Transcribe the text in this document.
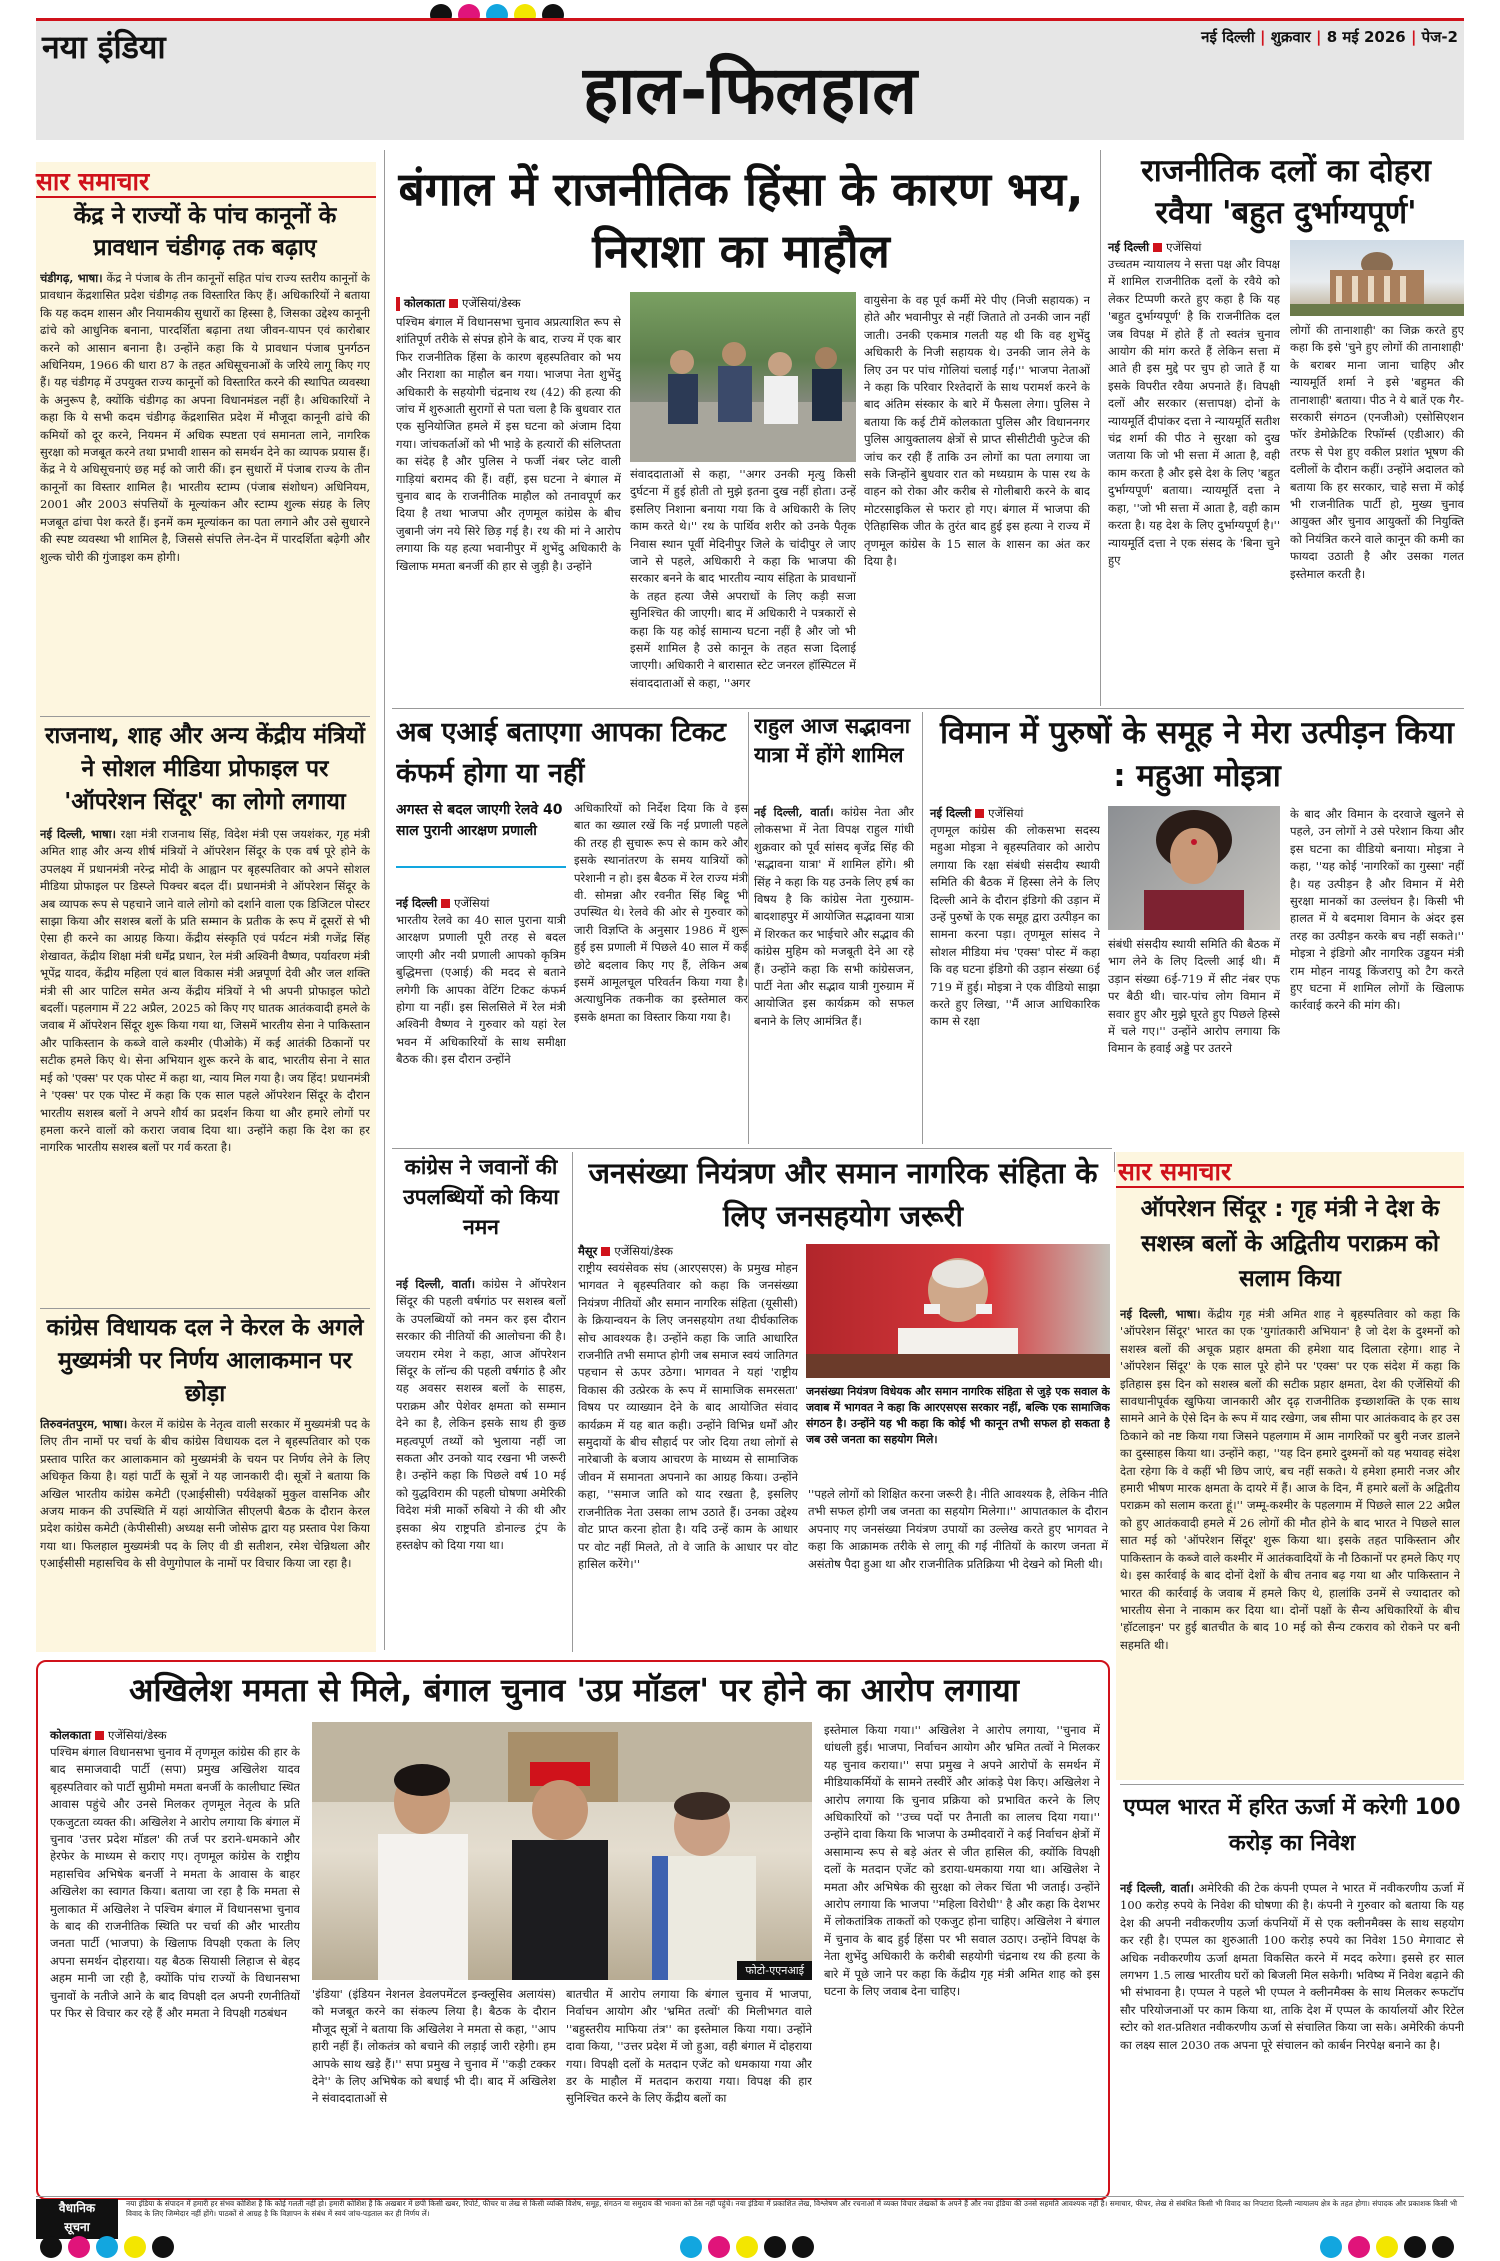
नया इंडिया
हाल-फिलहाल
नई दिल्ली | शुक्रवार | 8 मई 2026 | पेज-2
सार समाचार
केंद्र ने राज्यों के पांच कानूनों के प्रावधान चंडीगढ़ तक बढ़ाए
चंडीगढ़, भाषा। केंद्र ने पंजाब के तीन कानूनों सहित पांच राज्य स्तरीय कानूनों के प्रावधान केंद्रशासित प्रदेश चंडीगढ़ तक विस्तारित किए हैं। अधिकारियों ने बताया कि यह कदम शासन और नियामकीय सुधारों का हिस्सा है, जिसका उद्देश्य कानूनी ढांचे को आधुनिक बनाना, पारदर्शिता बढ़ाना तथा जीवन-यापन एवं कारोबार करने को आसान बनाना है। उन्होंने कहा कि ये प्रावधान पंजाब पुनर्गठन अधिनियम, 1966 की धारा 87 के तहत अधिसूचनाओं के जरिये लागू किए गए हैं। यह चंडीगढ़ में उपयुक्त राज्य कानूनों को विस्तारित करने की स्थापित व्यवस्था के अनुरूप है, क्योंकि चंडीगढ़ का अपना विधानमंडल नहीं है। अधिकारियों ने कहा कि ये सभी कदम चंडीगढ़ केंद्रशासित प्रदेश में मौजूदा कानूनी ढांचे की कमियों को दूर करने, नियमन में अधिक स्पष्टता एवं समानता लाने, नागरिक सुरक्षा को मजबूत करने तथा प्रभावी शासन को समर्थन देने का व्यापक प्रयास हैं। केंद्र ने ये अधिसूचनाएं छह मई को जारी कीं। इन सुधारों में पंजाब राज्य के तीन कानूनों का विस्तार शामिल है। भारतीय स्टाम्प (पंजाब संशोधन) अधिनियम, 2001 और 2003 संपत्तियों के मूल्यांकन और स्टाम्प शुल्क संग्रह के लिए मजबूत ढांचा पेश करते हैं। इनमें कम मूल्यांकन का पता लगाने और उसे सुधारने की स्पष्ट व्यवस्था भी शामिल है, जिससे संपत्ति लेन-देन में पारदर्शिता बढ़ेगी और शुल्क चोरी की गुंजाइश कम होगी।
राजनाथ, शाह और अन्य केंद्रीय मंत्रियों ने सोशल मीडिया प्रोफाइल पर 'ऑपरेशन सिंदूर' का लोगो लगाया
नई दिल्ली, भाषा। रक्षा मंत्री राजनाथ सिंह, विदेश मंत्री एस जयशंकर, गृह मंत्री अमित शाह और अन्य शीर्ष मंत्रियों ने ऑपरेशन सिंदूर के एक वर्ष पूरे होने के उपलक्ष्य में प्रधानमंत्री नरेन्द्र मोदी के आह्वान पर बृहस्पतिवार को अपने सोशल मीडिया प्रोफाइल पर डिस्प्ले पिक्चर बदल दीं। प्रधानमंत्री ने ऑपरेशन सिंदूर के अब व्यापक रूप से पहचाने जाने वाले लोगो को दर्शाने वाला एक डिजिटल पोस्टर साझा किया और सशस्त्र बलों के प्रति सम्मान के प्रतीक के रूप में दूसरों से भी ऐसा ही करने का आग्रह किया। केंद्रीय संस्कृति एवं पर्यटन मंत्री गजेंद्र सिंह शेखावत, केंद्रीय शिक्षा मंत्री धर्मेंद्र प्रधान, रेल मंत्री अश्विनी वैष्णव, पर्यावरण मंत्री भूपेंद्र यादव, केंद्रीय महिला एवं बाल विकास मंत्री अन्नपूर्णा देवी और जल शक्ति मंत्री सी आर पाटिल समेत अन्य केंद्रीय मंत्रियों ने भी अपनी प्रोफाइल फोटो बदलीं। पहलगाम में 22 अप्रैल, 2025 को किए गए घातक आतंकवादी हमले के जवाब में ऑपरेशन सिंदूर शुरू किया गया था, जिसमें भारतीय सेना ने पाकिस्तान और पाकिस्तान के कब्जे वाले कश्मीर (पीओके) में कई आतंकी ठिकानों पर सटीक हमले किए थे। सेना अभियान शुरू करने के बाद, भारतीय सेना ने सात मई को 'एक्स' पर एक पोस्ट में कहा था, न्याय मिल गया है। जय हिंद! प्रधानमंत्री ने 'एक्स' पर एक पोस्ट में कहा कि एक साल पहले ऑपरेशन सिंदूर के दौरान भारतीय सशस्त्र बलों ने अपने शौर्य का प्रदर्शन किया था और हमारे लोगों पर हमला करने वालों को करारा जवाब दिया था। उन्होंने कहा कि देश का हर नागरिक भारतीय सशस्त्र बलों पर गर्व करता है।
कांग्रेस विधायक दल ने केरल के अगले मुख्यमंत्री पर निर्णय आलाकमान पर छोड़ा
तिरुवनंतपुरम, भाषा। केरल में कांग्रेस के नेतृत्व वाली सरकार में मुख्यमंत्री पद के लिए तीन नामों पर चर्चा के बीच कांग्रेस विधायक दल ने बृहस्पतिवार को एक प्रस्ताव पारित कर आलाकमान को मुख्यमंत्री के चयन पर निर्णय लेने के लिए अधिकृत किया है। यहां पार्टी के सूत्रों ने यह जानकारी दी। सूत्रों ने बताया कि अखिल भारतीय कांग्रेस कमेटी (एआईसीसी) पर्यवेक्षकों मुकुल वासनिक और अजय माकन की उपस्थिति में यहां आयोजित सीएलपी बैठक के दौरान केरल प्रदेश कांग्रेस कमेटी (केपीसीसी) अध्यक्ष सनी जोसेफ द्वारा यह प्रस्ताव पेश किया गया था। फिलहाल मुख्यमंत्री पद के लिए वी डी सतीशन, रमेश चेन्निथला और एआईसीसी महासचिव के सी वेणुगोपाल के नामों पर विचार किया जा रहा है।
बंगाल में राजनीतिक हिंसा के कारण भय, निराशा का माहौल
कोलकाता एजेंसियां/डेस्क
पश्चिम बंगाल में विधानसभा चुनाव अप्रत्याशित रूप से शांतिपूर्ण तरीके से संपन्न होने के बाद, राज्य में एक बार फिर राजनीतिक हिंसा के कारण बृहस्पतिवार को भय और निराशा का माहौल बन गया। भाजपा नेता शुभेंदु अधिकारी के सहयोगी चंद्रनाथ रथ (42) की हत्या की जांच में शुरुआती सुरागों से पता चला है कि बुधवार रात एक सुनियोजित हमले में इस घटना को अंजाम दिया गया। जांचकर्ताओं को भी भाड़े के हत्यारों की संलिप्तता का संदेह है और पुलिस ने फर्जी नंबर प्लेट वाली गाड़ियां बरामद की हैं। वहीं, इस घटना ने बंगाल में चुनाव बाद के राजनीतिक माहौल को तनावपूर्ण कर दिया है तथा भाजपा और तृणमूल कांग्रेस के बीच जुबानी जंग नये सिरे छिड़ गई है। रथ की मां ने आरोप लगाया कि यह हत्या भवानीपुर में शुभेंदु अधिकारी के खिलाफ ममता बनर्जी की हार से जुड़ी है। उन्होंने
संवाददाताओं से कहा, ''अगर उनकी मृत्यु किसी दुर्घटना में हुई होती तो मुझे इतना दुख नहीं होता। उन्हें इसलिए निशाना बनाया गया कि वे अधिकारी के लिए काम करते थे।'' रथ के पार्थिव शरीर को उनके पैतृक निवास स्थान पूर्वी मेदिनीपुर जिले के चांदीपुर ले जाए जाने से पहले, अधिकारी ने कहा कि भाजपा की सरकार बनने के बाद भारतीय न्याय संहिता के प्रावधानों के तहत हत्या जैसे अपराधों के लिए कड़ी सजा सुनिश्चित की जाएगी। बाद में अधिकारी ने पत्रकारों से कहा कि यह कोई सामान्य घटना नहीं है और जो भी इसमें शामिल है उसे कानून के तहत सजा दिलाई जाएगी। अधिकारी ने बारासात स्टेट जनरल हॉस्पिटल में संवाददाताओं से कहा, ''अगर
वायुसेना के वह पूर्व कर्मी मेरे पीए (निजी सहायक) न होते और भवानीपुर से नहीं जिताते तो उनकी जान नहीं जाती। उनकी एकमात्र गलती यह थी कि वह शुभेंदु अधिकारी के निजी सहायक थे। उनकी जान लेने के लिए उन पर पांच गोलियां चलाई गईं।'' भाजपा नेताओं ने कहा कि परिवार रिश्तेदारों के साथ परामर्श करने के बाद अंतिम संस्कार के बारे में फैसला लेगा। पुलिस ने बताया कि कई टीमें कोलकाता पुलिस और विधाननगर पुलिस आयुक्तालय क्षेत्रों से प्राप्त सीसीटीवी फुटेज की जांच कर रही हैं ताकि उन लोगों का पता लगाया जा सके जिन्होंने बुधवार रात को मध्यग्राम के पास रथ के वाहन को रोका और करीब से गोलीबारी करने के बाद मोटरसाइकिल से फरार हो गए। बंगाल में भाजपा की ऐतिहासिक जीत के तुरंत बाद हुई इस हत्या ने राज्य में तृणमूल कांग्रेस के 15 साल के शासन का अंत कर दिया है।
राजनीतिक दलों का दोहरा रवैया 'बहुत दुर्भाग्यपूर्ण'
नई दिल्ली एजेंसियां
उच्चतम न्यायालय ने सत्ता पक्ष और विपक्ष में शामिल राजनीतिक दलों के रवैये को लेकर टिप्पणी करते हुए कहा है कि यह 'बहुत दुर्भाग्यपूर्ण' है कि राजनीतिक दल जब विपक्ष में होते हैं तो स्वतंत्र चुनाव आयोग की मांग करते हैं लेकिन सत्ता में आते ही इस मुद्दे पर चुप हो जाते हैं या इसके विपरीत रवैया अपनाते हैं। विपक्षी दलों और सरकार (सत्तापक्ष) दोनों के न्यायमूर्ति दीपांकर दत्ता ने न्यायमूर्ति सतीश चंद्र शर्मा की पीठ ने सुरक्षा को दुख जताया कि जो भी सत्ता में आता है, वही काम करता है और इसे देश के लिए 'बहुत दुर्भाग्यपूर्ण' बताया। न्यायमूर्ति दत्ता ने कहा, ''जो भी सत्ता में आता है, वही काम करता है। यह देश के लिए दुर्भाग्यपूर्ण है।'' न्यायमूर्ति दत्ता ने एक संसद के 'बिना चुने हुए
लोगों की तानाशाही' का जिक्र करते हुए कहा कि इसे 'चुने हुए लोगों की तानाशाही' के बराबर माना जाना चाहिए और न्यायमूर्ति शर्मा ने इसे 'बहुमत की तानाशाही' बताया। पीठ ने ये बातें एक गैर-सरकारी संगठन (एनजीओ) एसोसिएशन फॉर डेमोक्रेटिक रिफॉर्म्स (एडीआर) की तरफ से पेश हुए वकील प्रशांत भूषण की दलीलों के दौरान कहीं। उन्होंने अदालत को बताया कि हर सरकार, चाहे सत्ता में कोई भी राजनीतिक पार्टी हो, मुख्य चुनाव आयुक्त और चुनाव आयुक्तों की नियुक्ति को नियंत्रित करने वाले कानून की कमी का फायदा उठाती है और उसका गलत इस्तेमाल करती है।
अब एआई बताएगा आपका टिकट कंफर्म होगा या नहीं
अगस्त से बदल जाएगी रेलवे 40 साल पुरानी आरक्षण प्रणाली
नई दिल्ली एजेंसियां
भारतीय रेलवे का 40 साल पुराना यात्री आरक्षण प्रणाली पूरी तरह से बदल जाएगी और नयी प्रणाली आपको कृत्रिम बुद्धिमत्ता (एआई) की मदद से बताने लगेगी कि आपका वेटिंग टिकट कंफर्म होगा या नहीं। इस सिलसिले में रेल मंत्री अश्विनी वैष्णव ने गुरुवार को यहां रेल भवन में अधिकारियों के साथ समीक्षा बैठक की। इस दौरान उन्होंने
अधिकारियों को निर्देश दिया कि वे इस बात का ख्याल रखें कि नई प्रणाली पहले की तरह ही सुचारू रूप से काम करे और इसके स्थानांतरण के समय यात्रियों को परेशानी न हो। इस बैठक में रेल राज्य मंत्री वी. सोमन्ना और रवनीत सिंह बिट्टू भी उपस्थित थे। रेलवे की ओर से गुरुवार को जारी विज्ञप्ति के अनुसार 1986 में शुरू हुई इस प्रणाली में पिछले 40 साल में कई छोटे बदलाव किए गए हैं, लेकिन अब इसमें आमूलचूल परिवर्तन किया गया है। अत्याधुनिक तकनीक का इस्तेमाल कर इसके क्षमता का विस्तार किया गया है।
राहुल आज सद्भावना यात्रा में होंगे शामिल
नई दिल्ली, वार्ता। कांग्रेस नेता और लोकसभा में नेता विपक्ष राहुल गांधी शुक्रवार को पूर्व सांसद बृजेंद्र सिंह की 'सद्भावना यात्रा' में शामिल होंगे। श्री सिंह ने कहा कि यह उनके लिए हर्ष का विषय है कि कांग्रेस नेता गुरुग्राम-बादशाहपुर में आयोजित सद्भावना यात्रा में शिरकत कर भाईचारे और सद्भाव की कांग्रेस मुहिम को मजबूती देने आ रहे हैं। उन्होंने कहा कि सभी कांग्रेसजन, पार्टी नेता और सद्भाव यात्री गुरुग्राम में आयोजित इस कार्यक्रम को सफल बनाने के लिए आमंत्रित हैं।
विमान में पुरुषों के समूह ने मेरा उत्पीड़न किया : महुआ मोइत्रा
नई दिल्ली एजेंसियां
तृणमूल कांग्रेस की लोकसभा सदस्य महुआ मोइत्रा ने बृहस्पतिवार को आरोप लगाया कि रक्षा संबंधी संसदीय स्थायी समिति की बैठक में हिस्सा लेने के लिए दिल्ली आने के दौरान इंडिगो की उड़ान में उन्हें पुरुषों के एक समूह द्वारा उत्पीड़न का सामना करना पड़ा। तृणमूल सांसद ने सोशल मीडिया मंच 'एक्स' पोस्ट में कहा कि वह घटना इंडिगो की उड़ान संख्या 6ई 719 में हुई। मोइत्रा ने एक वीडियो साझा करते हुए लिखा, ''मैं आज आधिकारिक काम से रक्षा
संबंधी संसदीय स्थायी समिति की बैठक में भाग लेने के लिए दिल्ली आई थी। मैं उड़ान संख्या 6ई-719 में सीट नंबर एफ पर बैठी थी। चार-पांच लोग विमान में सवार हुए और मुझे घूरते हुए पिछले हिस्से में चले गए।'' उन्होंने आरोप लगाया कि विमान के हवाई अड्डे पर उतरने
के बाद और विमान के दरवाजे खुलने से पहले, उन लोगों ने उसे परेशान किया और इस घटना का वीडियो बनाया। मोइत्रा ने कहा, ''यह कोई 'नागरिकों का गुस्सा' नहीं है। यह उत्पीड़न है और विमान में मेरी सुरक्षा मानकों का उल्लंघन है। किसी भी हालत में ये बदमाश विमान के अंदर इस तरह का उत्पीड़न करके बच नहीं सकते।'' मोइत्रा ने इंडिगो और नागरिक उड्डयन मंत्री राम मोहन नायडू किंजरापु को टैग करते हुए घटना में शामिल लोगों के खिलाफ कार्रवाई करने की मांग की।
कांग्रेस ने जवानों की उपलब्धियों को किया नमन
नई दिल्ली, वार्ता। कांग्रेस ने ऑपरेशन सिंदूर की पहली वर्षगांठ पर सशस्त्र बलों के उपलब्धियों को नमन कर इस दौरान सरकार की नीतियों की आलोचना की है। जयराम रमेश ने कहा, आज ऑपरेशन सिंदूर के लॉन्च की पहली वर्षगांठ है और यह अवसर सशस्त्र बलों के साहस, पराक्रम और पेशेवर क्षमता को सम्मान देने का है, लेकिन इसके साथ ही कुछ महत्वपूर्ण तथ्यों को भुलाया नहीं जा सकता और उनको याद रखना भी जरूरी है। उन्होंने कहा कि पिछले वर्ष 10 मई को युद्धविराम की पहली घोषणा अमेरिकी विदेश मंत्री मार्को रुबियो ने की थी और इसका श्रेय राष्ट्रपति डोनाल्ड ट्रंप के हस्तक्षेप को दिया गया था।
जनसंख्या नियंत्रण और समान नागरिक संहिता के लिए जनसहयोग जरूरी
मैसूर एजेंसियां/डेस्क
राष्ट्रीय स्वयंसेवक संघ (आरएसएस) के प्रमुख मोहन भागवत ने बृहस्पतिवार को कहा कि जनसंख्या नियंत्रण नीतियों और समान नागरिक संहिता (यूसीसी) के क्रियान्वयन के लिए जनसहयोग तथा दीर्घकालिक सोच आवश्यक है। उन्होंने कहा कि जाति आधारित राजनीति तभी समाप्त होगी जब समाज स्वयं जातिगत पहचान से ऊपर उठेगा। भागवत ने यहां 'राष्ट्रीय विकास की उत्प्रेरक के रूप में सामाजिक समरसता' विषय पर व्याख्यान देने के बाद आयोजित संवाद कार्यक्रम में यह बात कही। उन्होंने विभिन्न धर्मों और समुदायों के बीच सौहार्द पर जोर दिया तथा लोगों से नारेबाजी के बजाय आचरण के माध्यम से सामाजिक जीवन में समानता अपनाने का आग्रह किया। उन्होंने कहा, ''समाज जाति को याद रखता है, इसलिए राजनीतिक नेता उसका लाभ उठाते हैं। उनका उद्देश्य वोट प्राप्त करना होता है। यदि उन्हें काम के आधार पर वोट नहीं मिलते, तो वे जाति के आधार पर वोट हासिल करेंगे।''
जनसंख्या नियंत्रण विधेयक और समान नागरिक संहिता से जुड़े एक सवाल के जवाब में भागवत ने कहा कि आरएसएस सरकार नहीं, बल्कि एक सामाजिक संगठन है। उन्होंने यह भी कहा कि कोई भी कानून तभी सफल हो सकता है जब उसे जनता का सहयोग मिले।
''पहले लोगों को शिक्षित करना जरूरी है। नीति आवश्यक है, लेकिन नीति तभी सफल होगी जब जनता का सहयोग मिलेगा।'' आपातकाल के दौरान अपनाए गए जनसंख्या नियंत्रण उपायों का उल्लेख करते हुए भागवत ने कहा कि आक्रामक तरीके से लागू की गई नीतियों के कारण जनता में असंतोष पैदा हुआ था और राजनीतिक प्रतिक्रिया भी देखने को मिली थी।
सार समाचार
ऑपरेशन सिंदूर : गृह मंत्री ने देश के सशस्त्र बलों के अद्वितीय पराक्रम को सलाम किया
नई दिल्ली, भाषा। केंद्रीय गृह मंत्री अमित शाह ने बृहस्पतिवार को कहा कि 'ऑपरेशन सिंदूर' भारत का एक 'युगांतकारी अभियान' है जो देश के दुश्मनों को सशस्त्र बलों की अचूक प्रहार क्षमता की हमेशा याद दिलाता रहेगा। शाह ने 'ऑपरेशन सिंदूर' के एक साल पूरे होने पर 'एक्स' पर एक संदेश में कहा कि इतिहास इस दिन को सशस्त्र बलों की सटीक प्रहार क्षमता, देश की एजेंसियों की सावधानीपूर्वक खुफिया जानकारी और दृढ़ राजनीतिक इच्छाशक्ति के एक साथ सामने आने के ऐसे दिन के रूप में याद रखेगा, जब सीमा पार आतंकवाद के हर उस ठिकाने को नष्ट किया गया जिसने पहलगाम में आम नागरिकों पर बुरी नजर डालने का दुस्साहस किया था। उन्होंने कहा, ''यह दिन हमारे दुश्मनों को यह भयावह संदेश देता रहेगा कि वे कहीं भी छिप जाएं, बच नहीं सकते। ये हमेशा हमारी नजर और हमारी भीषण मारक क्षमता के दायरे में हैं। आज के दिन, मैं हमारे बलों के अद्वितीय पराक्रम को सलाम करता हूं।'' जम्मू-कश्मीर के पहलगाम में पिछले साल 22 अप्रैल को हुए आतंकवादी हमले में 26 लोगों की मौत होने के बाद भारत ने पिछले साल सात मई को 'ऑपरेशन सिंदूर' शुरू किया था। इसके तहत पाकिस्तान और पाकिस्तान के कब्जे वाले कश्मीर में आतंकवादियों के नौ ठिकानों पर हमले किए गए थे। इस कार्रवाई के बाद दोनों देशों के बीच तनाव बढ़ गया था और पाकिस्तान ने भारत की कार्रवाई के जवाब में हमले किए थे, हालांकि उनमें से ज्यादातर को भारतीय सेना ने नाकाम कर दिया था। दोनों पक्षों के सैन्य अधिकारियों के बीच 'हॉटलाइन' पर हुई बातचीत के बाद 10 मई को सैन्य टकराव को रोकने पर बनी सहमति थी।
एप्पल भारत में हरित ऊर्जा में करेगी 100 करोड़ का निवेश
नई दिल्ली, वार्ता। अमेरिकी की टेक कंपनी एप्पल ने भारत में नवीकरणीय ऊर्जा में 100 करोड़ रुपये के निवेश की घोषणा की है। कंपनी ने गुरुवार को बताया कि यह देश की अपनी नवीकरणीय ऊर्जा कंपनियों में से एक क्लीनमैक्स के साथ सहयोग कर रही है। एप्पल का शुरुआती 100 करोड़ रुपये का निवेश 150 मेगावाट से अधिक नवीकरणीय ऊर्जा क्षमता विकसित करने में मदद करेगा। इससे हर साल लगभग 1.5 लाख भारतीय घरों को बिजली मिल सकेगी। भविष्य में निवेश बढ़ाने की भी संभावना है। एप्पल ने पहले भी एप्पल ने क्लीनमैक्स के साथ मिलकर रूफटॉप सौर परियोजनाओं पर काम किया था, ताकि देश में एप्पल के कार्यालयों और रिटेल स्टोर को शत-प्रतिशत नवीकरणीय ऊर्जा से संचालित किया जा सके। अमेरिकी कंपनी का लक्ष्य साल 2030 तक अपना पूरे संचालन को कार्बन निरपेक्ष बनाने का है।
अखिलेश ममता से मिले, बंगाल चुनाव 'उप्र मॉडल' पर होने का आरोप लगाया
कोलकाता एजेंसियां/डेस्क
पश्चिम बंगाल विधानसभा चुनाव में तृणमूल कांग्रेस की हार के बाद समाजवादी पार्टी (सपा) प्रमुख अखिलेश यादव बृहस्पतिवार को पार्टी सुप्रीमो ममता बनर्जी के कालीघाट स्थित आवास पहुंचे और उनसे मिलकर तृणमूल नेतृत्व के प्रति एकजुटता व्यक्त की। अखिलेश ने आरोप लगाया कि बंगाल में चुनाव 'उत्तर प्रदेश मॉडल' की तर्ज पर डराने-धमकाने और हेरफेर के माध्यम से कराए गए। तृणमूल कांग्रेस के राष्ट्रीय महासचिव अभिषेक बनर्जी ने ममता के आवास के बाहर अखिलेश का स्वागत किया। बताया जा रहा है कि ममता से मुलाकात में अखिलेश ने पश्चिम बंगाल में विधानसभा चुनाव के बाद की राजनीतिक स्थिति पर चर्चा की और भारतीय जनता पार्टी (भाजपा) के खिलाफ विपक्षी एकता के लिए अपना समर्थन दोहराया। यह बैठक सियासी लिहाज से बेहद अहम मानी जा रही है, क्योंकि पांच राज्यों के विधानसभा चुनावों के नतीजे आने के बाद विपक्षी दल अपनी रणनीतियों पर फिर से विचार कर रहे हैं और ममता ने विपक्षी गठबंधन
फोटो-एएनआई
'इंडिया' (इंडियन नेशनल डेवलपमेंटल इन्क्लूसिव अलायंस) को मजबूत करने का संकल्प लिया है। बैठक के दौरान मौजूद सूत्रों ने बताया कि अखिलेश ने ममता से कहा, ''आप हारी नहीं हैं। लोकतंत्र को बचाने की लड़ाई जारी रहेगी। हम आपके साथ खड़े हैं।'' सपा प्रमुख ने चुनाव में ''कड़ी टक्कर देने'' के लिए अभिषेक को बधाई भी दी। बाद में अखिलेश ने संवाददाताओं से
बातचीत में आरोप लगाया कि बंगाल चुनाव में भाजपा, निर्वाचन आयोग और 'भ्रमित तत्वों' की मिलीभगत वाले ''बहुस्तरीय माफिया तंत्र'' का इस्तेमाल किया गया। उन्होंने दावा किया, ''उत्तर प्रदेश में जो हुआ, वही बंगाल में दोहराया गया। विपक्षी दलों के मतदान एजेंट को धमकाया गया और डर के माहौल में मतदान कराया गया। विपक्ष की हार सुनिश्चित करने के लिए केंद्रीय बलों का
इस्तेमाल किया गया।'' अखिलेश ने आरोप लगाया, ''चुनाव में धांधली हुई। भाजपा, निर्वाचन आयोग और भ्रमित तत्वों ने मिलकर यह चुनाव कराया।'' सपा प्रमुख ने अपने आरोपों के समर्थन में मीडियाकर्मियों के सामने तस्वीरें और आंकड़े पेश किए। अखिलेश ने आरोप लगाया कि चुनाव प्रक्रिया को प्रभावित करने के लिए अधिकारियों को ''उच्च पदों पर तैनाती का लालच दिया गया।'' उन्होंने दावा किया कि भाजपा के उम्मीदवारों ने कई निर्वाचन क्षेत्रों में असामान्य रूप से बड़े अंतर से जीत हासिल की, क्योंकि विपक्षी दलों के मतदान एजेंट को डराया-धमकाया गया था। अखिलेश ने ममता और अभिषेक की सुरक्षा को लेकर चिंता भी जताई। उन्होंने आरोप लगाया कि भाजपा ''महिला विरोधी'' है और कहा कि देशभर में लोकतांत्रिक ताकतों को एकजुट होना चाहिए। अखिलेश ने बंगाल में चुनाव के बाद हुई हिंसा पर भी सवाल उठाए। उन्होंने विपक्ष के नेता शुभेंदु अधिकारी के करीबी सहयोगी चंद्रनाथ रथ की हत्या के बारे में पूछे जाने पर कहा कि केंद्रीय गृह मंत्री अमित शाह को इस घटना के लिए जवाब देना चाहिए।
वैधानिक
सूचना
नया इंडिया के संपादन में हमारी हर संभव कोशिश है कि कोई गलती नहीं हो। हमारी कोशिश है कि अखबार में छपी किसी खबर, रिपोर्ट, फीचर या लेख से किसी व्यक्ति विशेष, समूह, संगठन या समुदाय की भावना को ठेस नहीं पहुंचे। नया इंडिया में प्रकाशित लेख, विश्लेषण और रचनाओं में व्यक्त विचार लेखकों के अपने हैं और नया इंडिया की उनसे सहमति आवश्यक नहीं है। समाचार, फीचर, लेख से संबंधित किसी भी विवाद का निपटारा दिल्ली न्यायालय क्षेत्र के तहत होगा। संपादक और प्रकाशक किसी भी विवाद के लिए जिम्मेदार नहीं होंगे। पाठकों से आग्रह है कि विज्ञापन के संबंध में स्वयं जांच-पड़ताल कर ही निर्णय लें।
